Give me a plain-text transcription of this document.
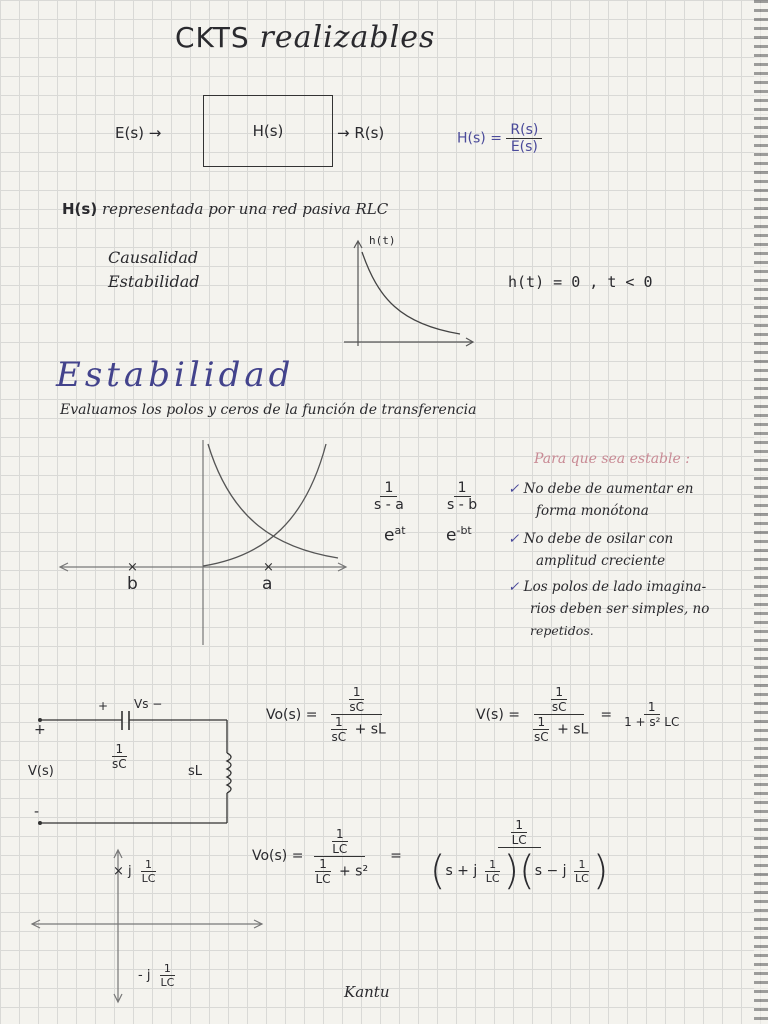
CKTS realizables
E(s) →	H(s)	→ R(s)	$H(s) = \frac{R(s)}{E(s)}$
H(s) representada por una red pasiva RLC
Causalidad
Estabilidad
h(t)
h(t) = 0 , t < 0
Estabilidad
Evaluamos los polos y ceros de la función de transferencia
×	×
b	a
$\frac{1}{s - a}$	$\frac{1}{s - b}$
$e^{at}$ $e^{-bt}$
Para que sea estable :
✓ No debe de aumentar en
forma monótona
✓ No debe de osilar con
amplitud creciente
✓ Los polos de lado imagina-
rios deben ser simples, no
repetidos.
+
-
V(s)
+ Vs −
$\frac{1}{sC}$
sL
$Vo(s) = \frac{\frac{1}{sC}}{\frac{1}{sC} + sL}$	$V(s) = \frac{\frac{1}{sC}}{\frac{1}{sC} + sL} = \frac{1}{\text{1 + s² LC}}$
$Vo(s) = \frac{\frac{1}{LC}}{\frac{1}{LC} + s^2} = \frac{\frac{1}{LC}}{(s + j \frac{1}{LC} )(s - j \frac{1}{LC} )}$
× j $\frac{1}{LC}$
- j $\frac{1}{LC}$
Kantu
